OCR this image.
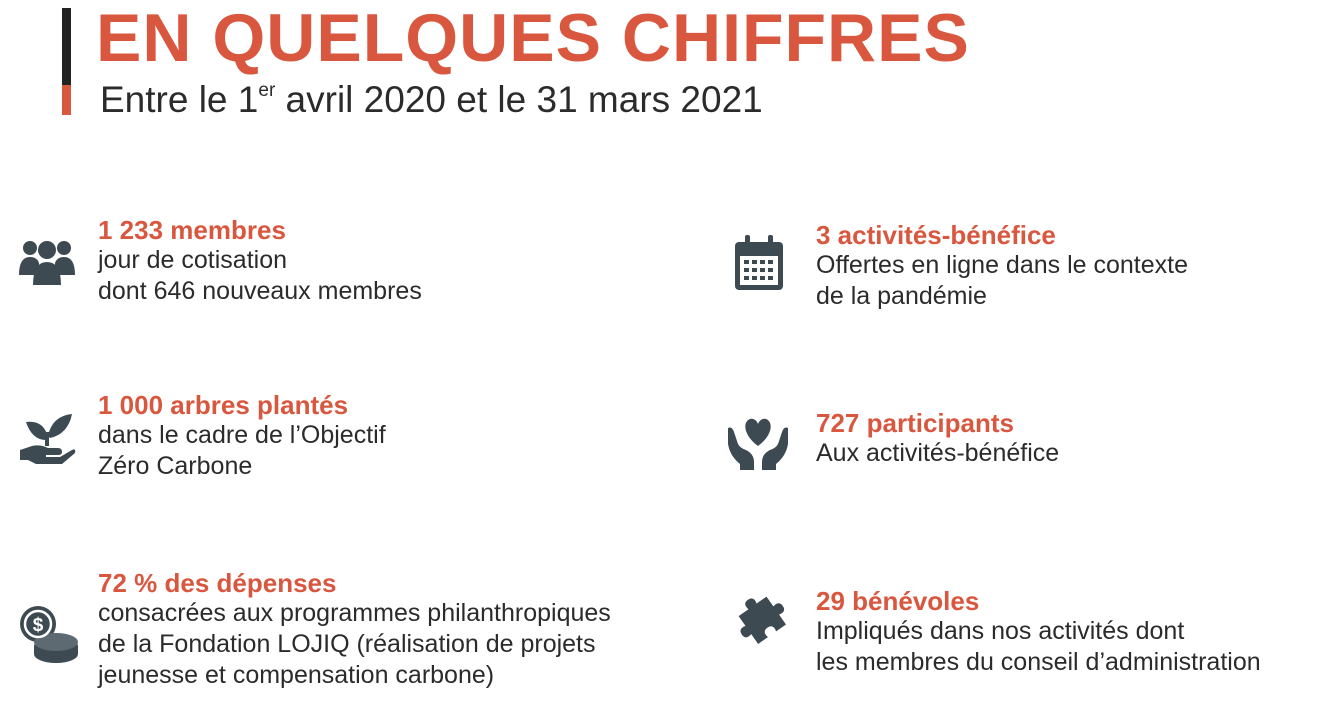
EN QUELQUES CHIFFRES

Entre le 1er avril 2020 et le 31 mars 2021

1 233 membres

jour de cotisation

dont 646 nouveaux membres

1 000 arbres plantés

dans le cadre de l’Objectif

Zéro Carbone

$

72 % des dépenses

consacrées aux programmes philanthropiques

de la Fondation LOJIQ (réalisation de projets

jeunesse et compensation carbone)

3 activités-bénéfice

Offertes en ligne dans le contexte

de la pandémie

727 participants

Aux activités-bénéfice

29 bénévoles

Impliqués dans nos activités dont

les membres du conseil d’administration
